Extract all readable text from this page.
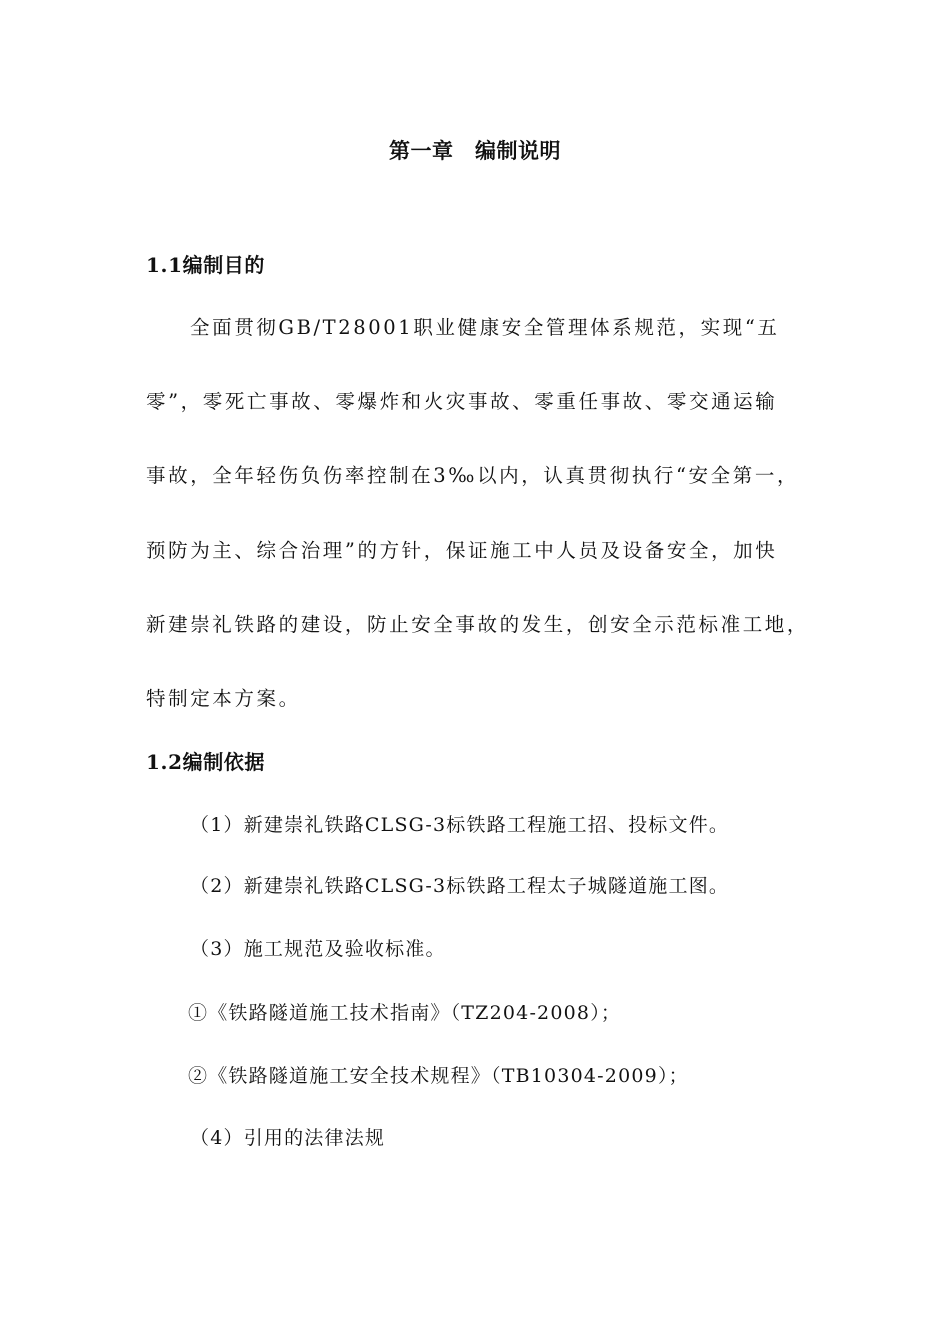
第一章　编制说明
1.1编制目的
全面贯彻GB/T28001职业健康安全管理体系规范，实现“五
零”，零死亡事故、零爆炸和火灾事故、零重任事故、零交通运输
事故，全年轻伤负伤率控制在3‰以内，认真贯彻执行“安全第一，
预防为主、综合治理”的方针，保证施工中人员及设备安全，加快
新建崇礼铁路的建设，防止安全事故的发生，创安全示范标准工地，
特制定本方案。
1.2编制依据
（1）新建崇礼铁路CLSG-3标铁路工程施工招、投标文件。
（2）新建崇礼铁路CLSG-3标铁路工程太子城隧道施工图。
（3）施工规范及验收标准。
①《铁路隧道施工技术指南》（TZ204-2008）；
②《铁路隧道施工安全技术规程》（TB10304-2009）；
（4）引用的法律法规
